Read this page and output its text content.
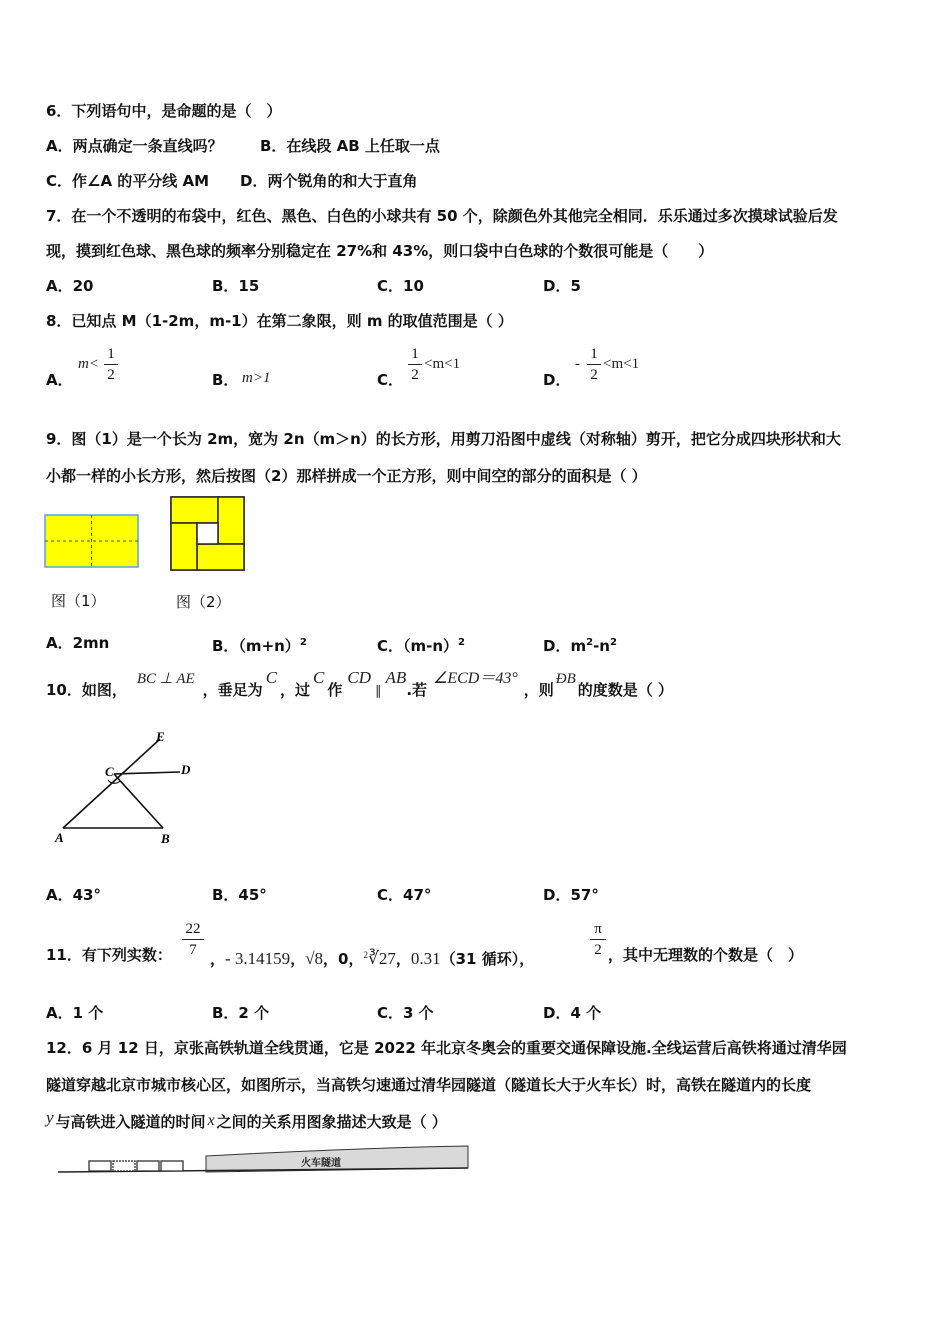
6．下列语句中，是命题的是（　）
A．两点确定一条直线吗？ B．在线段 AB 上任取一点
C．作∠A 的平分线 AM D．两个锐角的和大于直角
7．在一个不透明的布袋中，红色、黑色、白色的小球共有 50 个，除颜色外其他完全相同．乐乐通过多次摸球试验后发
现，摸到红色球、黑色球的频率分别稳定在 27%和 43%，则口袋中白色球的个数很可能是（　　）
A．20	B．15	C．10	D．5
8．已知点 M（1-2m，m-1）在第二象限，则 m 的取值范围是（ ）
A．
m<
1
2	B． m>1	C．
1
2
<m<1
D．
-
1
2
<m<1
9．图（1）是一个长为 2m，宽为 2n（m＞n）的长方形，用剪刀沿图中虚线（对称轴）剪开，把它分成四块形状和大
小都一样的小长方形，然后按图（2）那样拼成一个正方形，则中间空的部分的面积是（ ）
图（1）	图（2）
A．2mn	B．$(m+n)^2$	C．$(m-n)^2$	D．$m^2-n^2$
10．如图，BC ⊥ AE，垂足为C，过C作CD∥AB.若∠ECD＝43°，则ÐB的度数是（ ）
E
C	D
A	B
A．43°	B．45°	C．47°	D．57°
11．有下列实数：
22
7 ，- 3.14159，√8，0，$^2$∛27，0.31（31 循环），
π
2 ，其中无理数的个数是（　）
A．1 个	B．2 个	C．3 个	D．4 个
12．6 月 12 日，京张高铁轨道全线贯通，它是 2022 年北京冬奥会的重要交通保障设施.全线运营后高铁将通过清华园
隧道穿越北京市城市核心区，如图所示，当高铁匀速通过清华园隧道（隧道长大于火车长）时，高铁在隧道内的长度
y 与高铁进入隧道的时间 x 之间的关系用图象描述大致是（ ）
火车隧道
